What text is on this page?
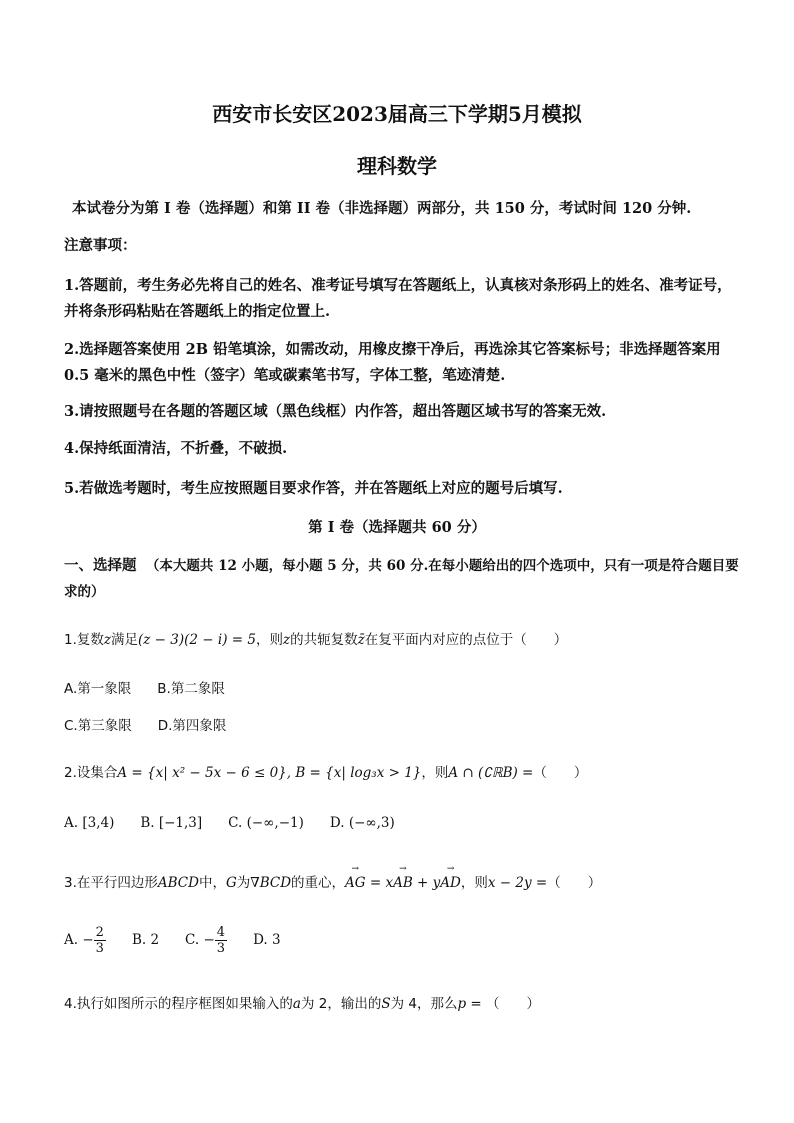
西安市长安区2023届高三下学期5月模拟
理科数学
本试卷分为第 I 卷（选择题）和第 II 卷（非选择题）两部分，共 150 分，考试时间 120 分钟.
注意事项：
1.答题前，考生务必先将自己的姓名、准考证号填写在答题纸上，认真核对条形码上的姓名、准考证号，并将条形码粘贴在答题纸上的指定位置上.
2.选择题答案使用 2B 铅笔填涂，如需改动，用橡皮擦干净后，再选涂其它答案标号；非选择题答案用 0.5 毫米的黑色中性（签字）笔或碳素笔书写，字体工整，笔迹清楚.
3.请按照题号在各题的答题区域（黑色线框）内作答，超出答题区域书写的答案无效.
4.保持纸面清洁，不折叠，不破损.
5.若做选考题时，考生应按照题目要求作答，并在答题纸上对应的题号后填写.
第 I 卷（选择题共 60 分）
一、选择题 （本大题共 12 小题，每小题 5 分，共 60 分.在每小题给出的四个选项中，只有一项是符合题目要求的）
1.复数z满足(z − 3)(2 − i) = 5，则z的共轭复数z̄在复平面内对应的点位于（　　）
A.第一象限 B.第二象限
C.第三象限 D.第四象限
2.设集合A = {x| x² − 5x − 6 ≤ 0}, B = {x| log₃x > 1}，则A ∩ (∁ℝB) =（　　）
A. [3,4) B. [−1,3] C. (−∞,−1) D. (−∞,3)
3.在平行四边形ABCD中，G为∇BCD的重心，→ AG = x→ AB + y→ AD，则x − 2y =（　　）
A. − $\frac{2}{3} B$. 2 C. − $\frac{4}{3} D$. 3
4.执行如图所示的程序框图如果输入的a为 2，输出的S为 4，那么p = （　　）
